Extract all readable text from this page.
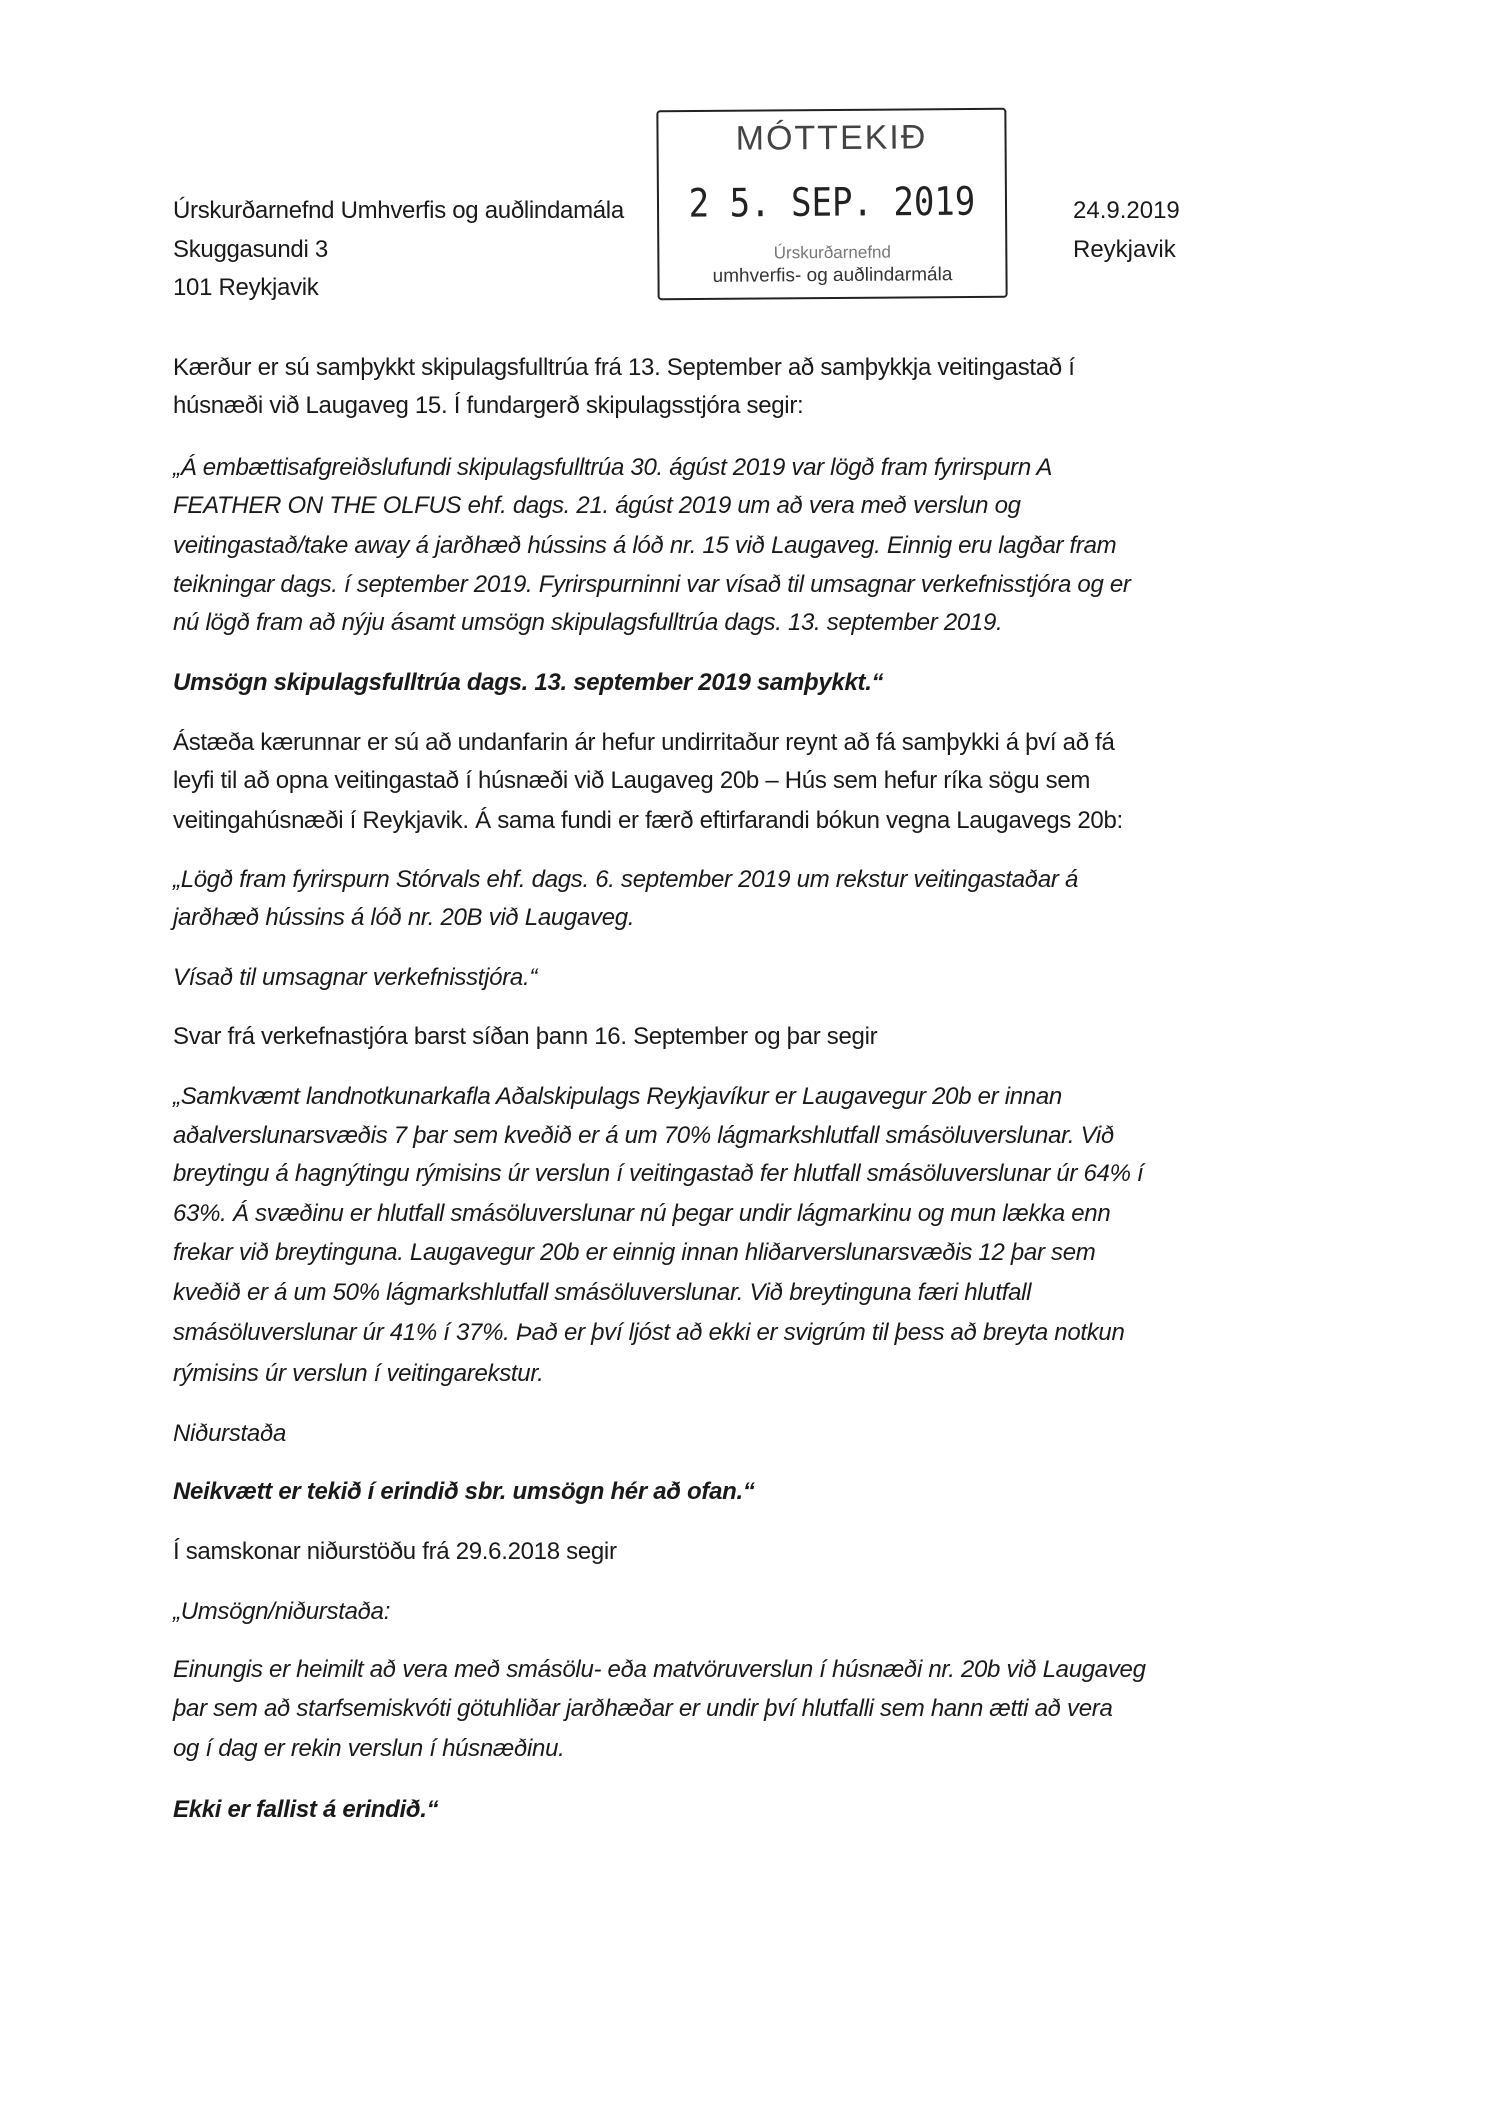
Úrskurðarnefnd Umhverfis og auðlindamála
Skuggasundi 3
101 Reykjavik
24.9.2019
Reykjavik
MÓTTEKIÐ
2 5. SEP. 2019
Úrskurðarnefnd
umhverfis- og auðlindarmála
Kærður er sú samþykkt skipulagsfulltrúa frá 13. September að samþykkja veitingastað í
húsnæði við Laugaveg 15. Í fundargerð skipulagsstjóra segir:
„Á embættisafgreiðslufundi skipulagsfulltrúa 30. ágúst 2019 var lögð fram fyrirspurn A
FEATHER ON THE OLFUS ehf. dags. 21. ágúst 2019 um að vera með verslun og
veitingastað/take away á jarðhæð hússins á lóð nr. 15 við Laugaveg. Einnig eru lagðar fram
teikningar dags. í september 2019. Fyrirspurninni var vísað til umsagnar verkefnisstjóra og er
nú lögð fram að nýju ásamt umsögn skipulagsfulltrúa dags. 13. september 2019.
Umsögn skipulagsfulltrúa dags. 13. september 2019 samþykkt.“
Ástæða kærunnar er sú að undanfarin ár hefur undirritaður reynt að fá samþykki á því að fá
leyfi til að opna veitingastað í húsnæði við Laugaveg 20b – Hús sem hefur ríka sögu sem
veitingahúsnæði í Reykjavik. Á sama fundi er færð eftirfarandi bókun vegna Laugavegs 20b:
„Lögð fram fyrirspurn Stórvals ehf. dags. 6. september 2019 um rekstur veitingastaðar á
jarðhæð hússins á lóð nr. 20B við Laugaveg.
Vísað til umsagnar verkefnisstjóra.“
Svar frá verkefnastjóra barst síðan þann 16. September og þar segir
„Samkvæmt landnotkunarkafla Aðalskipulags Reykjavíkur er Laugavegur 20b er innan
aðalverslunarsvæðis 7 þar sem kveðið er á um 70% lágmarkshlutfall smásöluverslunar. Við
breytingu á hagnýtingu rýmisins úr verslun í veitingastað fer hlutfall smásöluverslunar úr 64% í
63%. Á svæðinu er hlutfall smásöluverslunar nú þegar undir lágmarkinu og mun lækka enn
frekar við breytinguna. Laugavegur 20b er einnig innan hliðarverslunarsvæðis 12 þar sem
kveðið er á um 50% lágmarkshlutfall smásöluverslunar. Við breytinguna færi hlutfall
smásöluverslunar úr 41% í 37%. Það er því ljóst að ekki er svigrúm til þess að breyta notkun
rýmisins úr verslun í veitingarekstur.
Niðurstaða
Neikvætt er tekið í erindið sbr. umsögn hér að ofan.“
Í samskonar niðurstöðu frá 29.6.2018 segir
„Umsögn/niðurstaða:
Einungis er heimilt að vera með smásölu- eða matvöruverslun í húsnæði nr. 20b við Laugaveg
þar sem að starfsemiskvóti götuhliðar jarðhæðar er undir því hlutfalli sem hann ætti að vera
og í dag er rekin verslun í húsnæðinu.
Ekki er fallist á erindið.“
